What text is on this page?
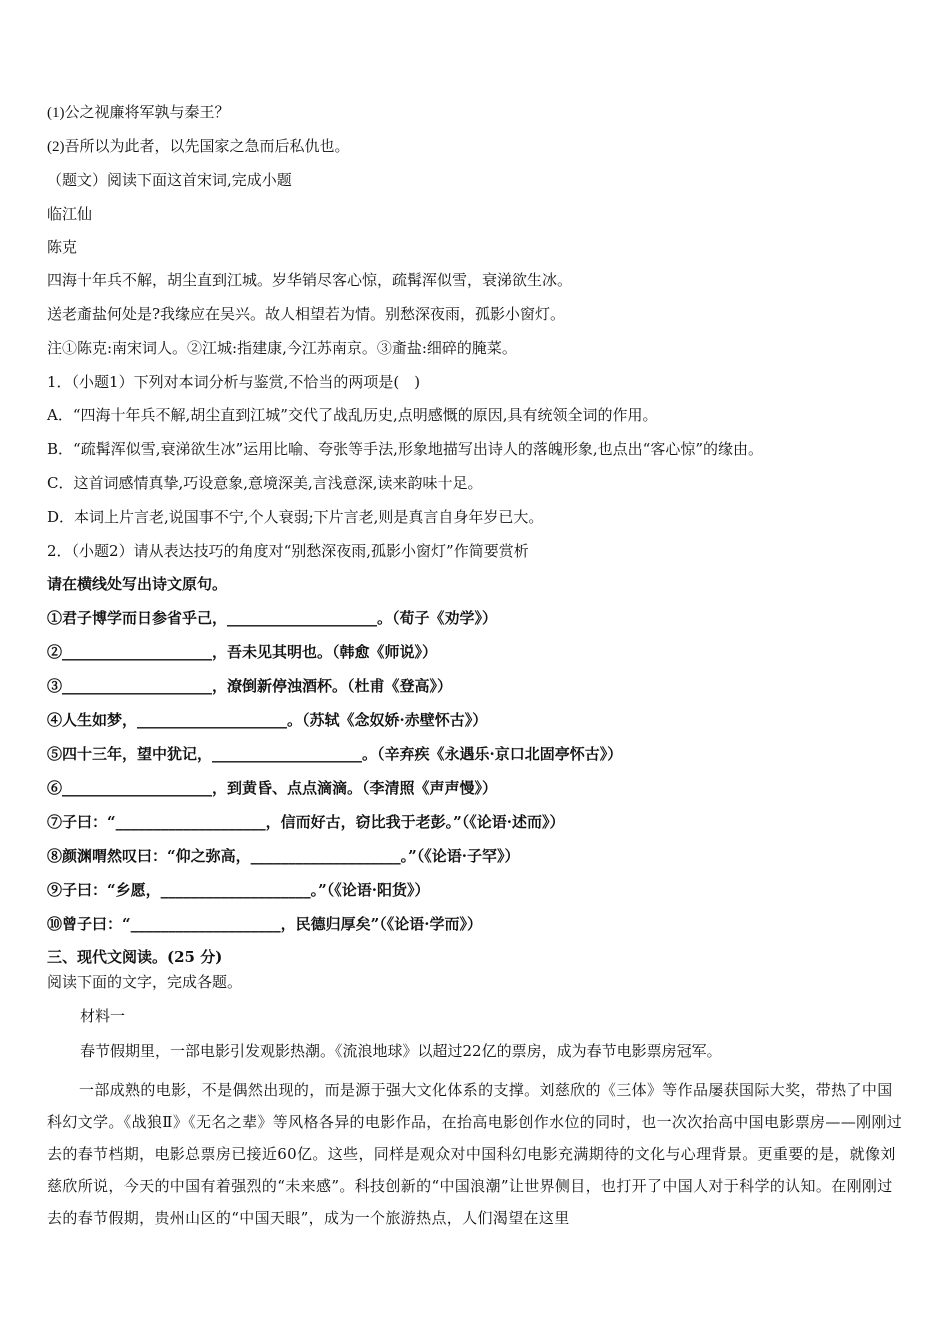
(1)公之视廉将军孰与秦王？
(2)吾所以为此者，以先国家之急而后私仇也。
（题文）阅读下面这首宋词,完成小题
临江仙
陈克
四海十年兵不解，胡尘直到江城。岁华销尽客心惊，疏髯浑似雪，衰涕欲生冰。
送老齑盐何处是?我缘应在吴兴。故人相望若为情。别愁深夜雨，孤影小窗灯。
注①陈克:南宋词人。②江城:指建康,今江苏南京。③齑盐:细碎的腌菜。
1．（小题1）下列对本词分析与鉴赏,不恰当的两项是(　)
A．“四海十年兵不解,胡尘直到江城”交代了战乱历史,点明感慨的原因,具有统领全词的作用。
B．“疏髯浑似雪,衰涕欲生冰”运用比喻、夸张等手法,形象地描写出诗人的落魄形象,也点出“客心惊”的缘由。
C．这首词感情真挚,巧设意象,意境深美,言浅意深,读来韵味十足。
D．本词上片言老,说国事不宁,个人衰弱;下片言老,则是真言自身年岁已大。
2．（小题2）请从表达技巧的角度对“别愁深夜雨,孤影小窗灯”作简要赏析
请在横线处写出诗文原句。
①君子博学而日参省乎己，____________________。（荀子《劝学》）
②____________________，吾未见其明也。（韩愈《师说》）
③____________________，潦倒新停浊酒杯。（杜甫《登高》）
④人生如梦，____________________。（苏轼《念奴娇·赤壁怀古》）
⑤四十三年，望中犹记，____________________。（辛弃疾《永遇乐·京口北固亭怀古》）
⑥____________________，到黄昏、点点滴滴。（李清照《声声慢》）
⑦子曰：“____________________，信而好古，窃比我于老彭。”（《论语·述而》）
⑧颜渊喟然叹曰：“仰之弥高，____________________。”（《论语·子罕》）
⑨子曰：“乡愿，____________________。”（《论语·阳货》）
⑩曾子曰：“____________________，民德归厚矣”（《论语·学而》）
三、现代文阅读。(25 分)
阅读下面的文字，完成各题。
材料一
春节假期里，一部电影引发观影热潮。《流浪地球》以超过22亿的票房，成为春节电影票房冠军。
一部成熟的电影，不是偶然出现的，而是源于强大文化体系的支撑。刘慈欣的《三体》等作品屡获国际大奖，带热了中国科幻文学。《战狼Ⅱ》《无名之辈》等风格各异的电影作品，在抬高电影创作水位的同时，也一次次抬高中国电影票房——刚刚过去的春节档期，电影总票房已接近60亿。这些，同样是观众对中国科幻电影充满期待的文化与心理背景。更重要的是，就像刘慈欣所说，今天的中国有着强烈的“未来感”。科技创新的“中国浪潮”让世界侧目，也打开了中国人对于科学的认知。在刚刚过去的春节假期，贵州山区的“中国天眼”，成为一个旅游热点，人们渴望在这里
